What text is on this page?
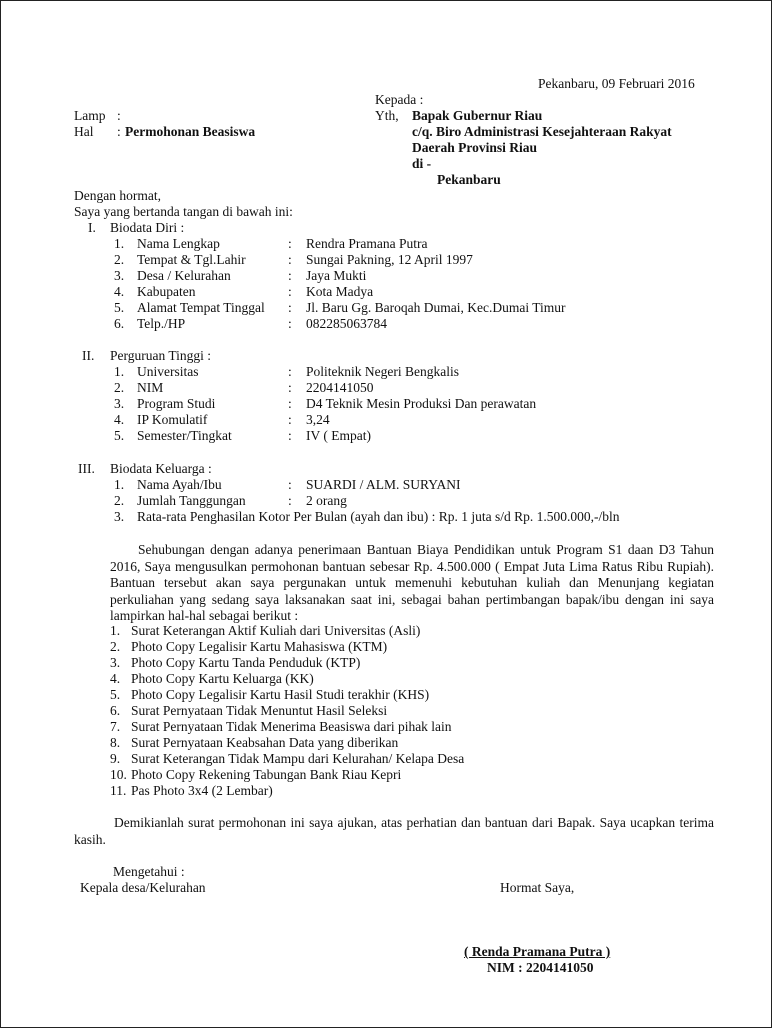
Pekanbaru, 09 Februari 2016
Kepada :
Lamp :
Hal : Permohonan Beasiswa
Yth, Bapak Gubernur Riau
c/q. Biro Administrasi Kesejahteraan Rakyat
Daerah Provinsi Riau
di -
Pekanbaru
Dengan hormat,
Saya yang bertanda tangan di bawah ini:
I. Biodata Diri :
1. Nama Lengkap	: Rendra Pramana Putra
2. Tempat & Tgl.Lahir	: Sungai Pakning, 12 April 1997
3. Desa / Kelurahan	: Jaya Mukti
4. Kabupaten	: Kota Madya
5. Alamat Tempat Tinggal : Jl. Baru Gg. Baroqah Dumai, Kec.Dumai Timur
6. Telp./HP	: 082285063784
II. Perguruan Tinggi :
1. Universitas	: Politeknik Negeri Bengkalis
2. NIM	: 2204141050
3. Program Studi	: D4 Teknik Mesin Produksi Dan perawatan
4. IP Komulatif	: 3,24
5. Semester/Tingkat	: IV ( Empat)
III. Biodata Keluarga :
1. Nama Ayah/Ibu	: SUARDI / ALM. SURYANI
2. Jumlah Tanggungan	: 2 orang
3. Rata-rata Penghasilan Kotor Per Bulan (ayah dan ibu) : Rp. 1 juta s/d Rp. 1.500.000,-/bln
Sehubungan dengan adanya penerimaan Bantuan Biaya Pendidikan untuk Program S1 daan D3 Tahun 2016, Saya mengusulkan permohonan bantuan sebesar Rp. 4.500.000 ( Empat Juta Lima Ratus Ribu Rupiah). Bantuan tersebut akan saya pergunakan untuk memenuhi kebutuhan kuliah dan Menunjang kegiatan perkuliahan yang sedang saya laksanakan saat ini, sebagai bahan pertimbangan bapak/ibu dengan ini saya lampirkan hal-hal sebagai berikut :
1. Surat Keterangan Aktif Kuliah dari Universitas (Asli)
2. Photo Copy Legalisir Kartu Mahasiswa (KTM)
3. Photo Copy Kartu Tanda Penduduk (KTP)
4. Photo Copy Kartu Keluarga (KK)
5. Photo Copy Legalisir Kartu Hasil Studi terakhir (KHS)
6. Surat Pernyataan Tidak Menuntut Hasil Seleksi
7. Surat Pernyataan Tidak Menerima Beasiswa dari pihak lain
8. Surat Pernyataan Keabsahan Data yang diberikan
9. Surat Keterangan Tidak Mampu dari Kelurahan/ Kelapa Desa
10. Photo Copy Rekening Tabungan Bank Riau Kepri
11. Pas Photo 3x4 (2 Lembar)
Demikianlah surat permohonan ini saya ajukan, atas perhatian dan bantuan dari Bapak. Saya ucapkan terima kasih.
Mengetahui :
Kepala desa/Kelurahan	Hormat Saya,
( Renda Pramana Putra )
NIM : 2204141050
